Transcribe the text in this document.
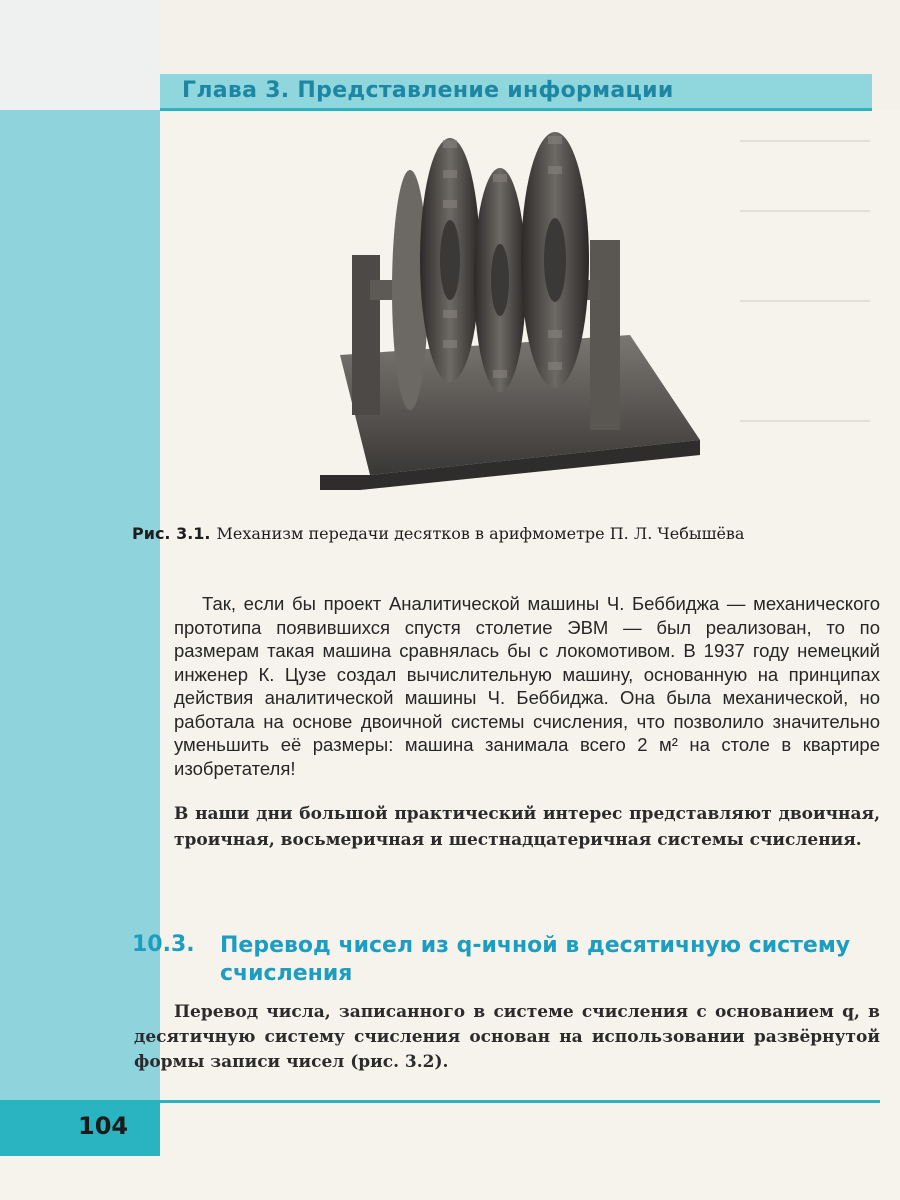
Глава 3. Представление информации
Рис. 3.1. Механизм передачи десятков в арифмометре П. Л. Чебышёва
Так, если бы проект Аналитической машины Ч. Беббиджа — механического прототипа появившихся спустя столетие ЭВМ — был реализован, то по размерам такая машина сравнялась бы с локомотивом. В 1937 году немецкий инженер К. Цузе создал вычислительную машину, основанную на принципах действия аналитической машины Ч. Беббиджа. Она была механической, но работала на основе двоичной системы счисления, что позволило значительно уменьшить её размеры: машина занимала всего 2 м² на столе в квартире изобретателя!
В наши дни большой практический интерес представляют двоичная, троичная, восьмеричная и шестнадцатеричная системы счисления.
10.3. Перевод чисел из q-ичной в десятичную систему счисления
Перевод числа, записанного в системе счисления с основанием q, в десятичную систему счисления основан на использовании развёрнутой формы записи чисел (рис. 3.2).
104
